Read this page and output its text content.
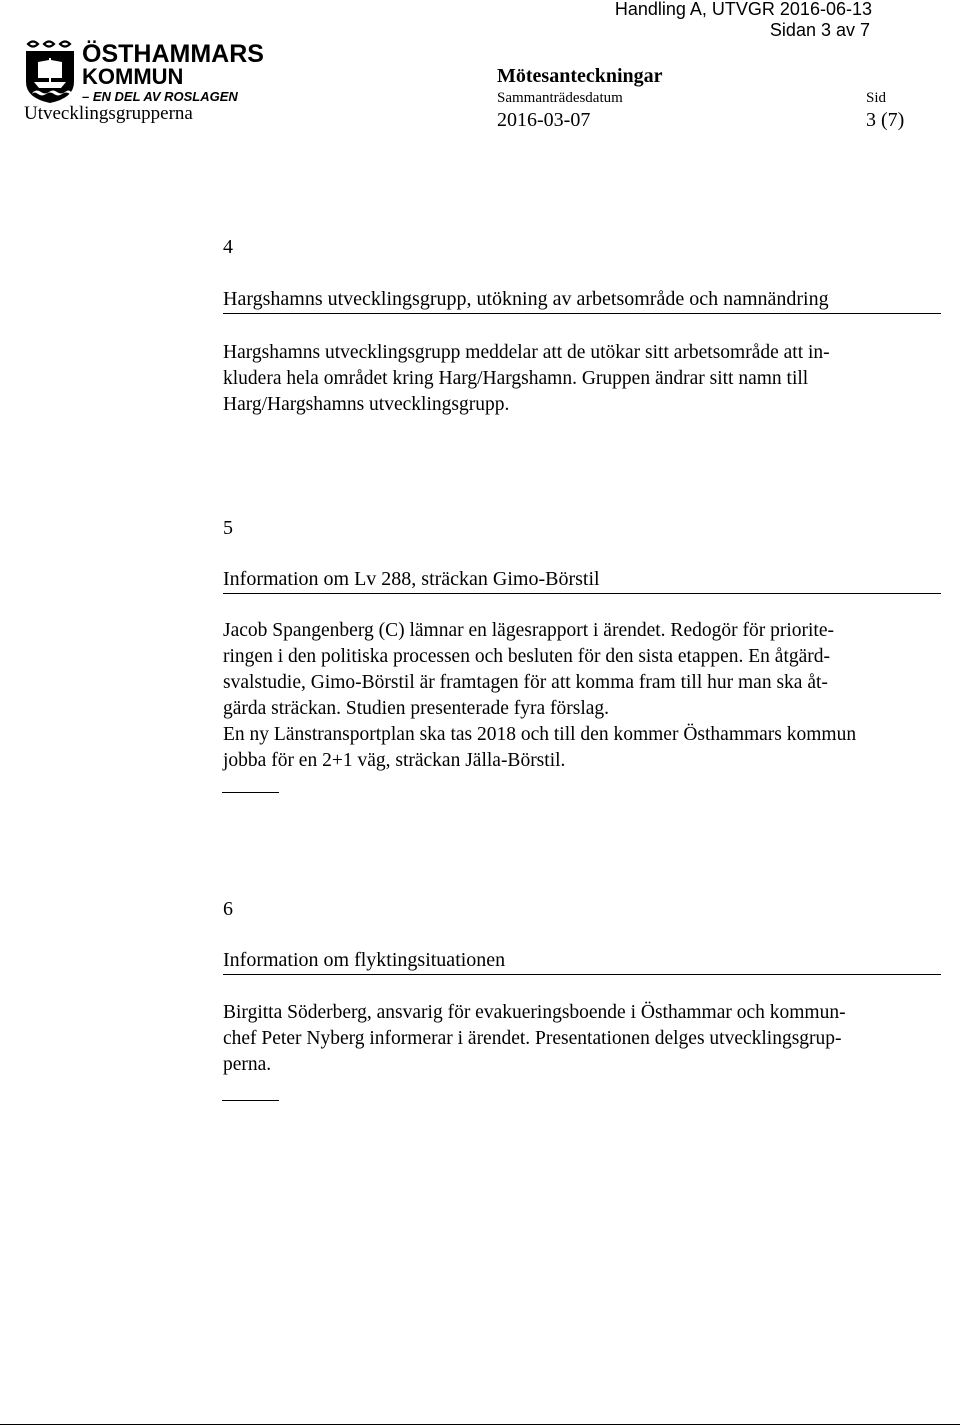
Handling A, UTVGR 2016-06-13
Sidan 3 av 7
ÖSTHAMMARS
KOMMUN
– EN DEL AV ROSLAGEN
Utvecklingsgrupperna
Mötesanteckningar
Sammanträdesdatum	Sid
2016-03-07	3 (7)
4
Hargshamns utvecklingsgrupp, utökning av arbetsområde och namnändring

Hargshamns utvecklingsgrupp meddelar att de utökar sitt arbetsområde att in-

kludera hela området kring Harg/Hargshamn. Gruppen ändrar sitt namn till

Harg/Hargshamns utvecklingsgrupp.

5
Information om Lv 288, sträckan Gimo-Börstil

Jacob Spangenberg (C) lämnar en lägesrapport i ärendet. Redogör för priorite-

ringen i den politiska processen och besluten för den sista etappen. En åtgärd-

svalstudie, Gimo-Börstil är framtagen för att komma fram till hur man ska åt-

gärda sträckan. Studien presenterade fyra förslag.

En ny Länstransportplan ska tas 2018 och till den kommer Östhammars kommun

jobba för en 2+1 väg, sträckan Jälla-Börstil.

6
Information om flyktingsituationen

Birgitta Söderberg, ansvarig för evakueringsboende i Östhammar och kommun-

chef Peter Nyberg informerar i ärendet. Presentationen delges utvecklingsgrup-

perna.
